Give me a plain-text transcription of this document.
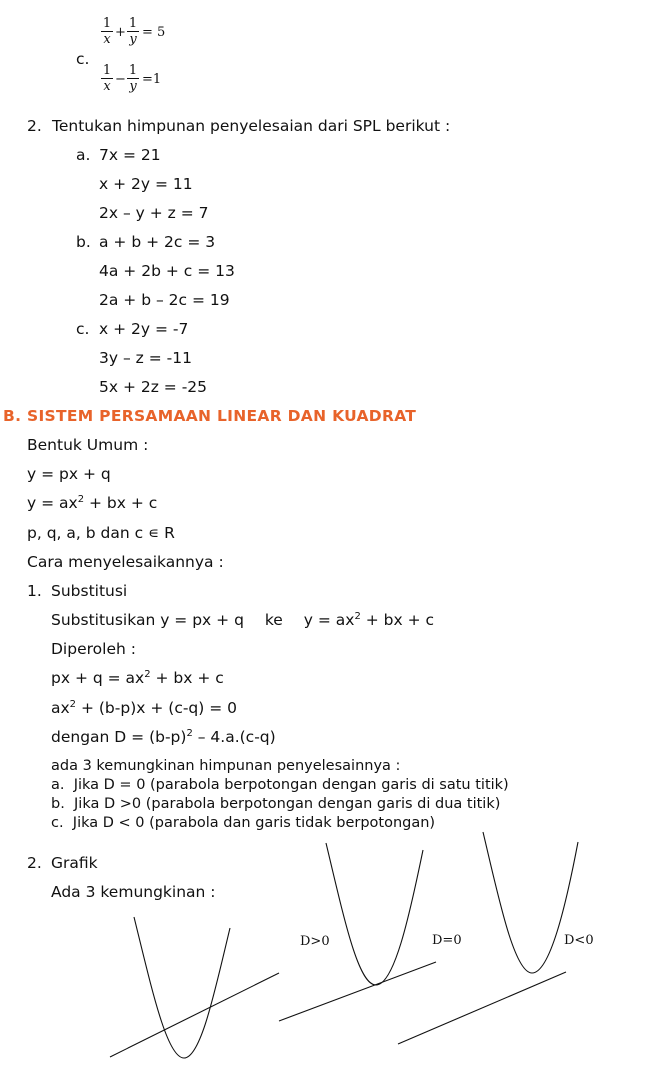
c.
$\frac{1}{x} + \frac{1}{y} = 5$
$\frac{1}{x} - \frac{1}{y} =1$
2. Tentukan himpunan penyelesaian dari SPL berikut :
a. 7x = 21
x + 2y = 11
2x – y + z = 7
b. a + b + 2c = 3
4a + 2b + c = 13
2a + b – 2c = 19
c. x + 2y = -7
3y – z = -11
5x + 2z = -25
B. SISTEM PERSAMAAN LINEAR DAN KUADRAT
Bentuk Umum :
y = px + q
$y = ax^2$ + bx + c
p, q, a, b dan c ∊ R
Cara menyelesaikannya :
1. Substitusi
Substitusikan y = px + q ke $y = ax^2$ + bx + c
Diperoleh :
px + $q = ax^2$ + bx + c
$ax^2 + (b-p)x + (c-q) = 0$
dengan $D = (b-p)^2 - 4.a.(c-q)$
ada 3 kemungkinan himpunan penyelesainnya :
a.  Jika D = 0 (parabola berpotongan dengan garis di satu titik)
b.  Jika D >0 (parabola berpotongan dengan garis di dua titik)
c.  Jika D < 0 (parabola dan garis tidak berpotongan)
2. Grafik
Ada 3 kemungkinan :
D>0	D=0	D<0
